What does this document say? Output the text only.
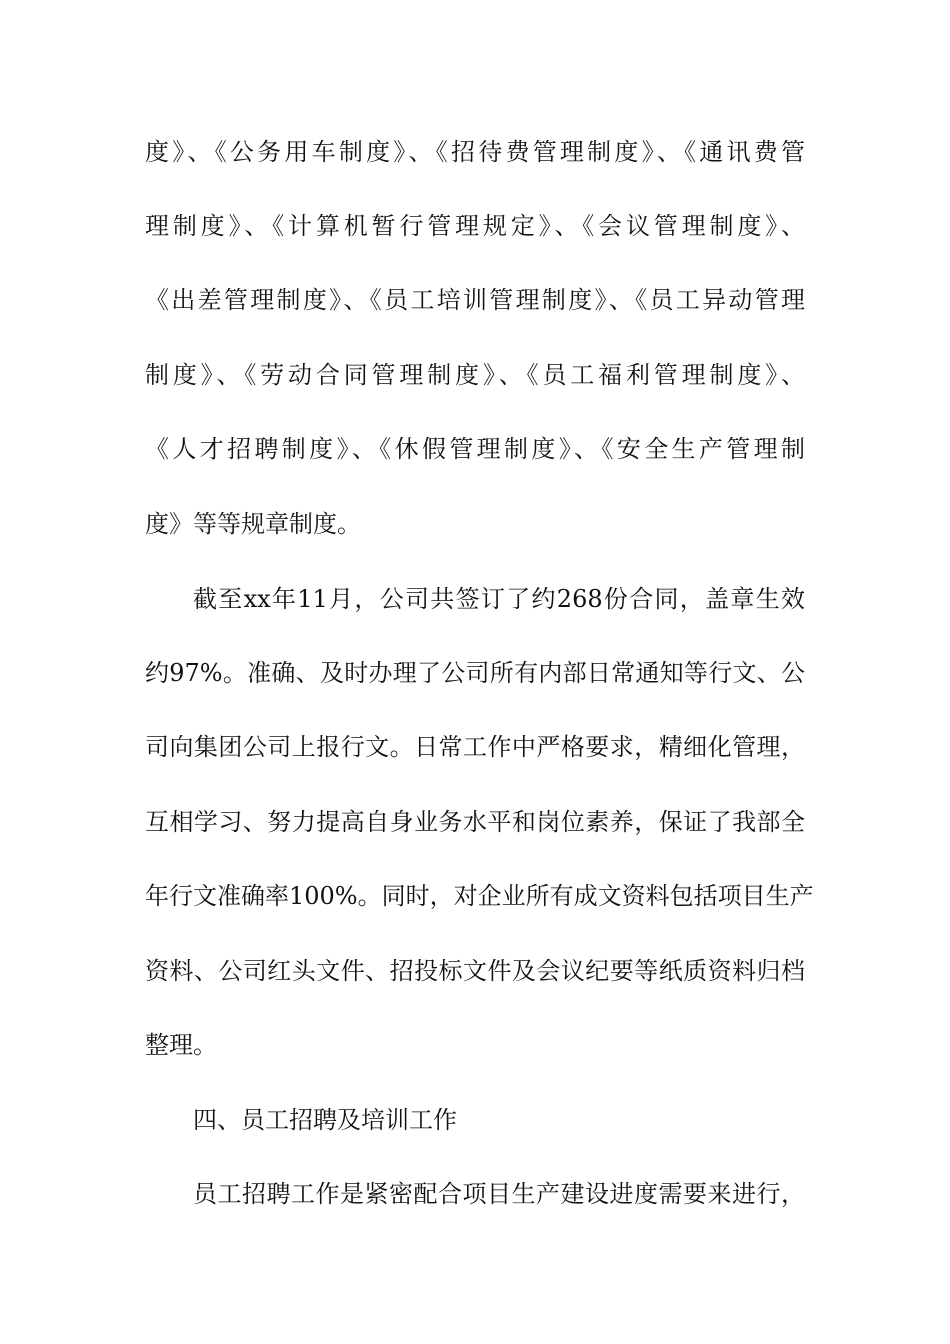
度》、《公务用车制度》、《招待费管理制度》、《通讯费管
理制度》、《计算机暂行管理规定》、《会议管理制度》、
《出差管理制度》、《员工培训管理制度》、《员工异动管理
制度》、《劳动合同管理制度》、《员工福利管理制度》、
《人才招聘制度》、《休假管理制度》、《安全生产管理制
度》等等规章制度。
截至xx年11月，公司共签订了约268份合同，盖章生效
约97%。准确、及时办理了公司所有内部日常通知等行文、公
司向集团公司上报行文。日常工作中严格要求，精细化管理，
互相学习、努力提高自身业务水平和岗位素养，保证了我部全
年行文准确率100%。同时，对企业所有成文资料包括项目生产
资料、公司红头文件、招投标文件及会议纪要等纸质资料归档
整理。
四、员工招聘及培训工作
员工招聘工作是紧密配合项目生产建设进度需要来进行，
